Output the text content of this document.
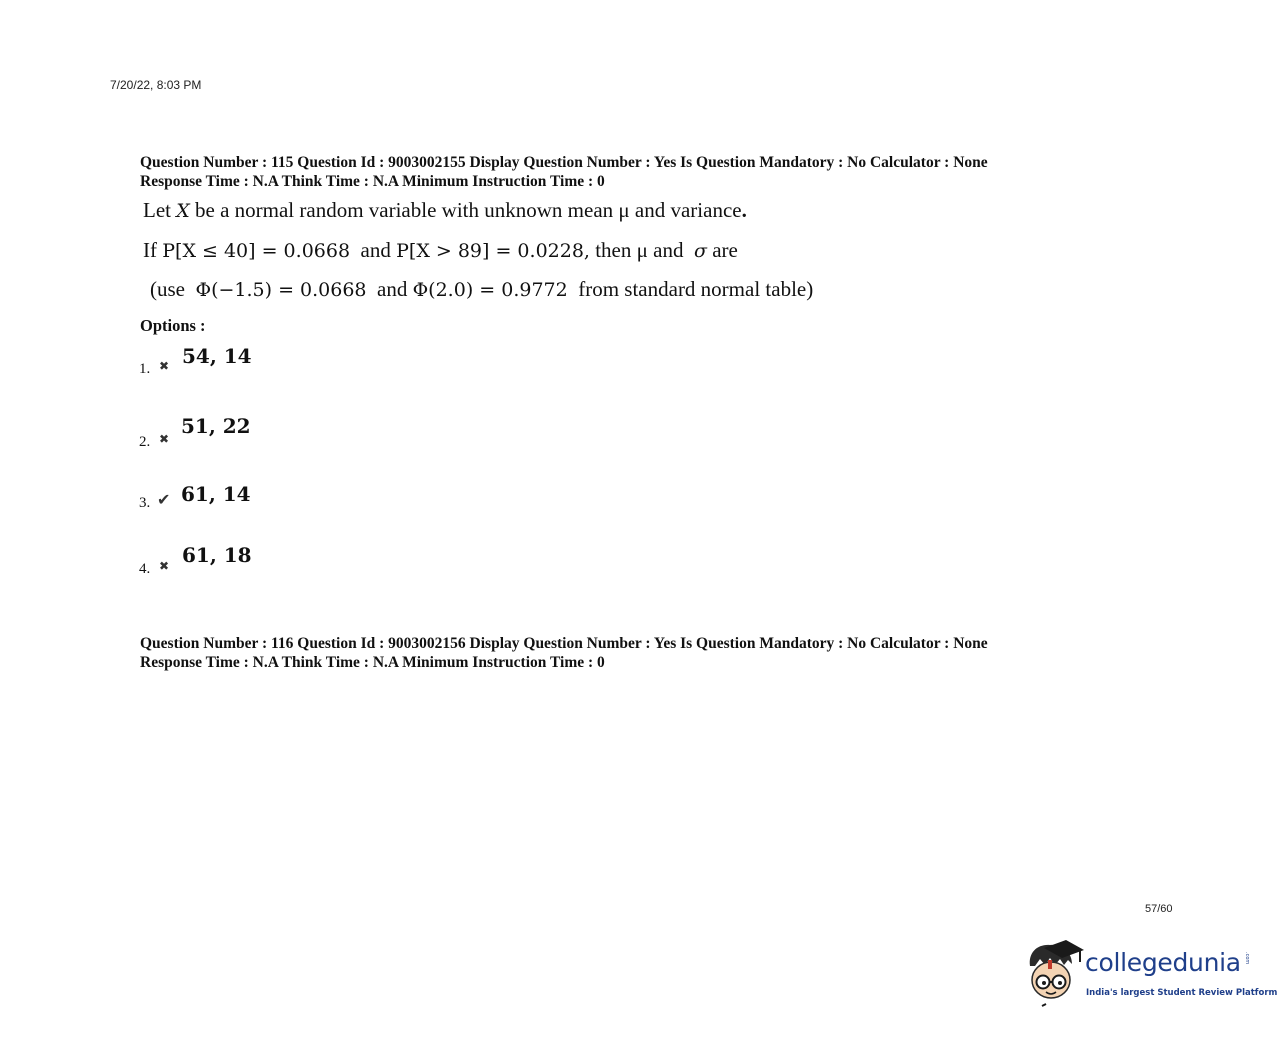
7/20/22, 8:03 PM
Question Number : 115 Question Id : 9003002155 Display Question Number : Yes Is Question Mandatory : No Calculator : None
Response Time : N.A Think Time : N.A Minimum Instruction Time : 0
Let X be a normal random variable with unknown mean μ and variance.
If P[X ≤ 40] = 0.0668 and P[X > 89] = 0.0228, then μ and σ are
(use Φ(−1.5) = 0.0668 and Φ(2.0) = 0.9772 from standard normal table)
Options :
1. ✖ 54, 14
2. ✖
51, 22
3. ✔ 61, 14
4. ✖ 61, 18
Question Number : 116 Question Id : 9003002156 Display Question Number : Yes Is Question Mandatory : No Calculator : None
Response Time : N.A Think Time : N.A Minimum Instruction Time : 0
57/60
collegedunia .com
India's largest Student Review Platform
